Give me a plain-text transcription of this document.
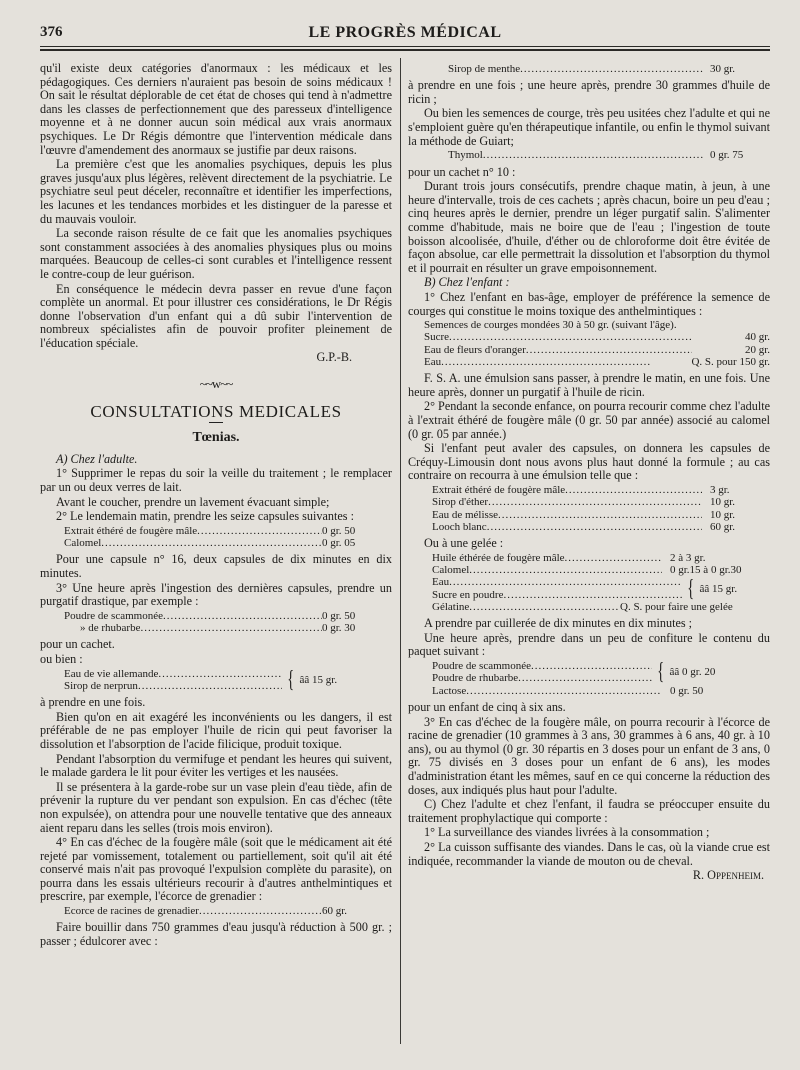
376	LE PROGRÈS MÉDICAL

qu'il existe deux catégories d'anormaux : les médicaux et les pédagogiques. Ces derniers n'auraient pas besoin de soins médicaux ! On sait le résultat déplorable de cet état de choses qui tend à n'admettre dans les classes de perfectionnement que des paresseux d'intelligence moyenne et à ne donner aucun soin médical aux vrais anormaux psychiques. Le Dr Régis démontre que l'intervention médicale dans l'œuvre d'amendement des anormaux se justifie par deux raisons.

La première c'est que les anomalies psychiques, depuis les plus graves jusqu'aux plus légères, relèvent directement de la psychiatrie. Le psychiatre seul peut déceler, reconnaître et identifier les imperfections, les lacunes et les tendances morbides et les distinguer de la paresse et du mauvais vouloir.

La seconde raison résulte de ce fait que les anomalies psychiques sont constamment associées à des anomalies physiques plus ou moins marquées. Beaucoup de celles-ci sont curables et l'intelligence ressent le contre-coup de leur guérison.

En conséquence le médecin devra passer en revue d'une façon complète un anormal. Et pour illustrer ces considérations, le Dr Régis donne l'observation d'un enfant qui a dû subir l'intervention de nombreux spécialistes afin de pouvoir profiter pleinement de l'éducation spéciale.

G.P.-B.
~~w~~
CONSULTATIONS MEDICALES
Tœnias.

A) Chez l'adulte.

1° Supprimer le repas du soir la veille du traitement ; le remplacer par un ou deux verres de lait.

Avant le coucher, prendre un lavement évacuant simple;

2° Le lendemain matin, prendre les seize capsules suivantes :

Extrait éthéré de fougère mâle .....	0 gr. 50
Calomel .....	0 gr. 05

Pour une capsule n° 16, deux capsules de dix minutes en dix minutes.

3° Une heure après l'ingestion des dernières capsules, prendre un purgatif drastique, par exemple :

Poudre de scammonée .....	0 gr. 50
» de rhubarbe .....	0 gr. 30

pour un cachet.

ou bien :

Eau de vie allemande
.....
Sirop de nerprun .....	{ ââ 15 gr.

à prendre en une fois.

Bien qu'on en ait exagéré les inconvénients ou les dangers, il est préférable de ne pas employer l'huile de ricin qui peut favoriser la dissolution et l'absorption de l'acide filicique, produit toxique.

Pendant l'absorption du vermifuge et pendant les heures qui suivent, le malade gardera le lit pour éviter les vertiges et les nausées.

Il se présentera à la garde-robe sur un vase plein d'eau tiède, afin de prévenir la rupture du ver pendant son expulsion. En cas d'échec (tête non expulsée), on attendra pour une nouvelle tentative que des anneaux aient reparu dans les selles (trois mois environ).

4° En cas d'échec de la fougère mâle (soit que le médicament ait été rejeté par vomissement, totalement ou partiellement, soit qu'il ait été conservé mais n'ait pas provoqué l'expulsion complète du parasite), on pourra dans les essais ultérieurs recourir à d'autres anthelmintiques et prescrire, par exemple, l'écorce de grenadier :

Ecorce de racines de grenadier .....	60 gr.

Faire bouillir dans 750 grammes d'eau jusqu'à réduction à 500 gr. ; passer ; édulcorer avec :

Sirop de menthe .....	30 gr.

à prendre en une fois ; une heure après, prendre 30 grammes d'huile de ricin ;

Ou bien les semences de courge, très peu usitées chez l'adulte et qui ne s'emploient guère qu'en thérapeutique infantile, ou enfin le thymol suivant la méthode de Guiart;

Thymol .....	0 gr. 75

pour un cachet n° 10 :

Durant trois jours consécutifs, prendre chaque matin, à jeun, à une heure d'intervalle, trois de ces cachets ; après chacun, boire un peu d'eau ; cinq heures après le dernier, prendre un léger purgatif salin. S'alimenter comme d'habitude, mais ne boire que de l'eau ; l'ingestion de toute boisson alcoolisée, d'huile, d'éther ou de chloroforme doit être évitée de façon absolue, car elle permettrait la dissolution et l'absorption du thymol et il pourrait en résulter un grave empoisonnement.

B) Chez l'enfant :

1° Chez l'enfant en bas-âge, employer de préférence la semence de courges qui constitue le moins toxique des anthelmintiques :

Semences de courges mondées 30 à 50 gr. (suivant l'âge).
Sucre .....	40 gr.
Eau de fleurs d'oranger .....	20 gr.
Eau .....	Q. S. pour 150 gr.

F. S. A. une émulsion sans passer, à prendre le matin, en une fois. Une heure après, donner un purgatif à l'huile de ricin.

2° Pendant la seconde enfance, on pourra recourir comme chez l'adulte à l'extrait éthéré de fougère mâle (0 gr. 50 par année) associé au calomel (0 gr. 05 par année.)

Si l'enfant peut avaler des capsules, on donnera les capsules de Créquy-Limousin dont nous avons plus haut donné la formule ; au cas contraire on recourra à une émulsion telle que :

Extrait éthéré de fougère mâle .....	3 gr.
Sirop d'éther .....	10 gr.
Eau de mélisse .....	10 gr.
Looch blanc .....	60 gr.

Ou à une gelée :

Huile éthérée de fougère mâle .....	2 à 3 gr.
Calomel .....	0 gr.15 à 0 gr.30
Eau
.....
Sucre en poudre .....	{ ââ 15 gr.
Gélatine .....	Q. S. pour faire une gelée

A prendre par cuillerée de dix minutes en dix minutes ;

Une heure après, prendre dans un peu de confiture le contenu du paquet suivant :

Poudre de scammonée
.....
Poudre de rhubarbe .....	{ ââ 0 gr. 20
Lactose .....	0 gr. 50

pour un enfant de cinq à six ans.

3° En cas d'échec de la fougère mâle, on pourra recourir à l'écorce de racine de grenadier (10 grammes à 3 ans, 30 grammes à 6 ans, 40 gr. à 10 ans), ou au thymol (0 gr. 30 répartis en 3 doses pour un enfant de 3 ans, 0 gr. 75 divisés en 3 doses pour un enfant de 6 ans), les modes d'administration étant les mêmes, sauf en ce qui concerne la réduction des doses, aux indiqués plus haut pour l'adulte.

C) Chez l'adulte et chez l'enfant, il faudra se préoccuper ensuite du traitement prophylactique qui comporte :

1° La surveillance des viandes livrées à la consommation ;

2° La cuisson suffisante des viandes. Dans le cas, où la viande crue est indiquée, recommander la viande de mouton ou de cheval.

R. Oppenheim.
